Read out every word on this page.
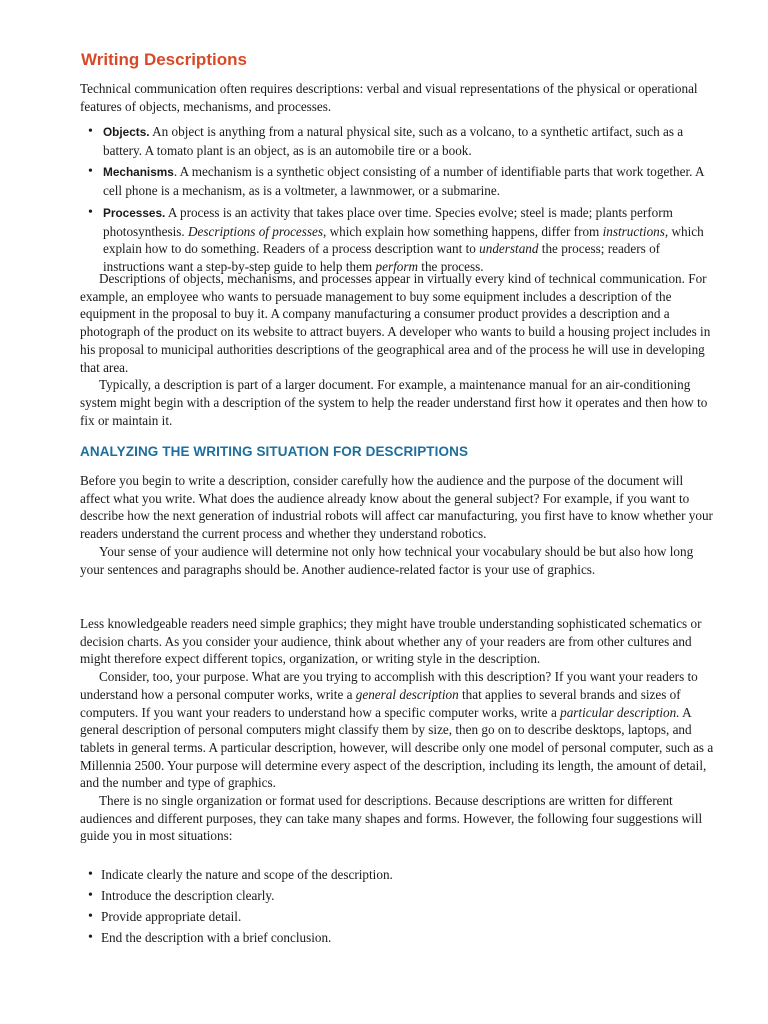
Writing Descriptions

Technical communication often requires descriptions: verbal and visual representations of the physical or operational features of objects, mechanisms, and processes.

• Objects. An object is anything from a natural physical site, such as a volcano, to a synthetic artifact, such as a battery. A tomato plant is an object, as is an automobile tire or a book.
• Mechanisms. A mechanism is a synthetic object consisting of a number of identifiable parts that work together. A cell phone is a mechanism, as is a voltmeter, a lawnmower, or a submarine.
• Processes. A process is an activity that takes place over time. Species evolve; steel is made; plants perform photosynthesis. Descriptions of processes, which explain how something happens, differ from instructions, which explain how to do something. Readers of a process description want to understand the process; readers of instructions want a step-by-step guide to help them perform the process.

Descriptions of objects, mechanisms, and processes appear in virtually every kind of technical communication. For example, an employee who wants to persuade management to buy some equipment includes a description of the equipment in the proposal to buy it. A company manufacturing a consumer product provides a description and a photograph of the product on its website to attract buyers. A developer who wants to build a housing project includes in his proposal to municipal authorities descriptions of the geographical area and of the process he will use in developing that area.

Typically, a description is part of a larger document. For example, a maintenance manual for an air-conditioning system might begin with a description of the system to help the reader understand first how it operates and then how to fix or maintain it.

ANALYZING THE WRITING SITUATION FOR DESCRIPTIONS

Before you begin to write a description, consider carefully how the audience and the purpose of the document will affect what you write. What does the audience already know about the general subject? For example, if you want to describe how the next generation of industrial robots will affect car manufacturing, you first have to know whether your readers understand the current process and whether they understand robotics.

Your sense of your audience will determine not only how technical your vocabulary should be but also how long your sentences and paragraphs should be. Another audience-related factor is your use of graphics.

Less knowledgeable readers need simple graphics; they might have trouble understanding sophisticated schematics or decision charts. As you consider your audience, think about whether any of your readers are from other cultures and might therefore expect different topics, organization, or writing style in the description.

Consider, too, your purpose. What are you trying to accomplish with this description? If you want your readers to understand how a personal computer works, write a general description that applies to several brands and sizes of computers. If you want your readers to understand how a specific computer works, write a particular description. A general description of personal computers might classify them by size, then go on to describe desktops, laptops, and tablets in general terms. A particular description, however, will describe only one model of personal computer, such as a Millennia 2500. Your purpose will determine every aspect of the description, including its length, the amount of detail, and the number and type of graphics.

There is no single organization or format used for descriptions. Because descriptions are written for different audiences and different purposes, they can take many shapes and forms. However, the following four suggestions will guide you in most situations:

• Indicate clearly the nature and scope of the description.
• Introduce the description clearly.
• Provide appropriate detail.
• End the description with a brief conclusion.
